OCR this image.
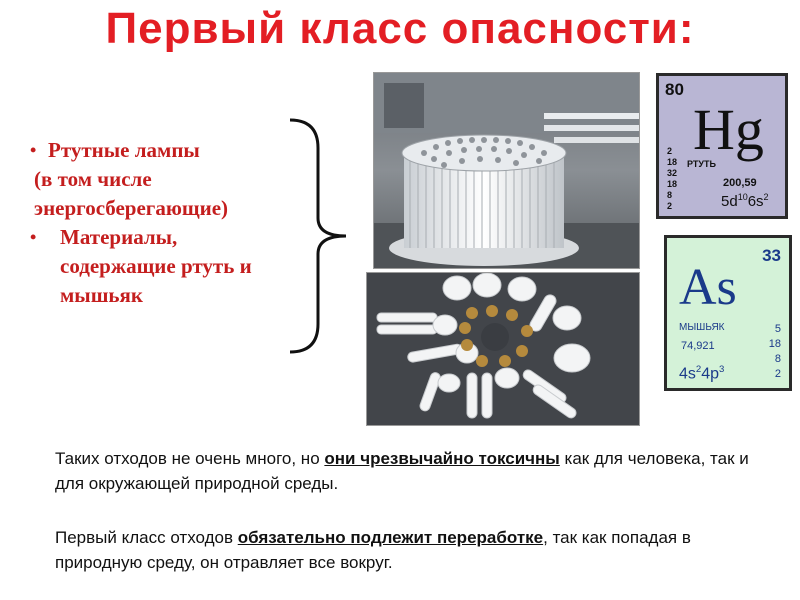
Первый класс опасности:
• Ртутные лампы
(в том числе
энергосберегающие)
• Материалы,
содержащие ртуть и
мышьяк
80
Hg
2
18
32
18
8
2
РТУТЬ
200,59
$5d^{10}6s^2$
33
As
МЫШЬЯК
74,921
$4s^24p^3$
5
18
8
2
Таких отходов не очень много, но они чрезвычайно токсичны как для человека, так и для окружающей природной среды.
Первый класс отходов обязательно подлежит переработке, так как попадая в природную среду, он отравляет все вокруг.
